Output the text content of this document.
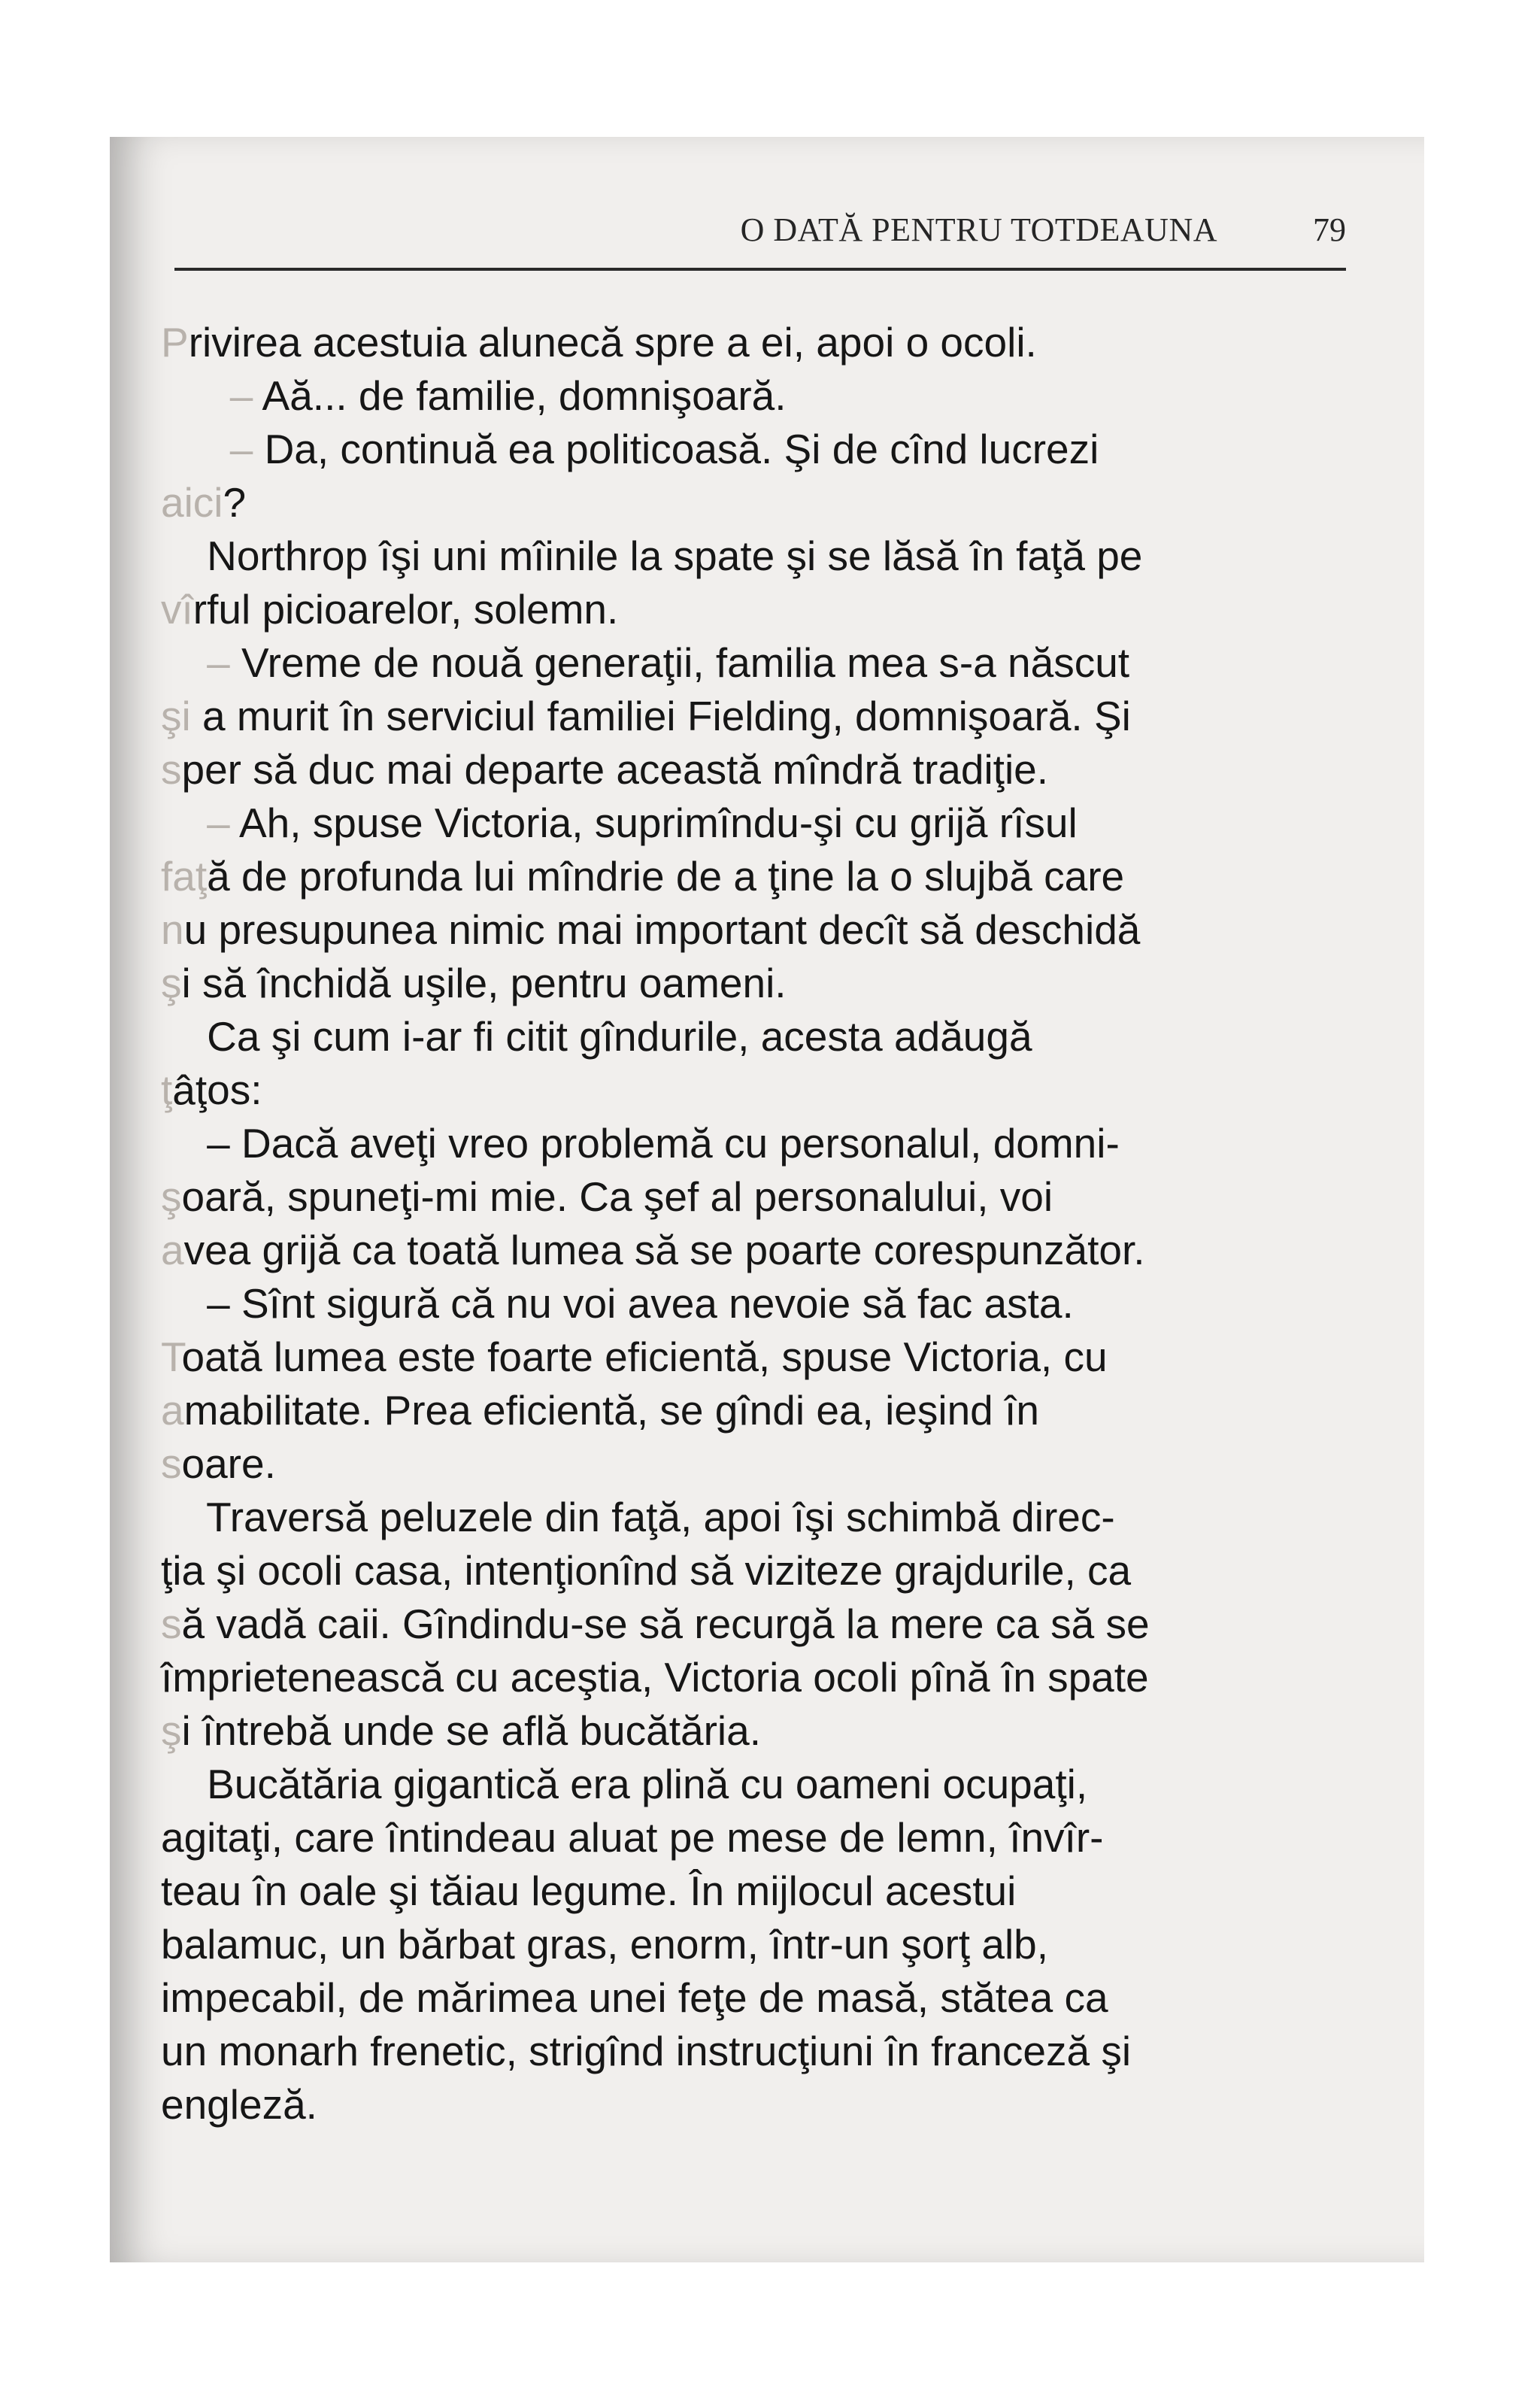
O DATĂ PENTRU TOTDEAUNA	79
Privirea acestuia alunecă spre a ei, apoi o ocoli.
– Aă... de familie, domnişoară.
– Da, continuă ea politicoasă. Şi de cînd lucrezi
aici?
Northrop îşi uni mîinile la spate şi se lăsă în faţă pe
vîrful picioarelor, solemn.
– Vreme de nouă generaţii, familia mea s-a născut
şi a murit în serviciul familiei Fielding, domnişoară. Şi
sper să duc mai departe această mîndră tradiţie.
– Ah, spuse Victoria, suprimîndu-şi cu grijă rîsul
faţă de profunda lui mîndrie de a ţine la o slujbă care
nu presupunea nimic mai important decît să deschidă
şi să închidă uşile, pentru oameni.
Ca şi cum i-ar fi citit gîndurile, acesta adăugă
ţâţos:
– Dacă aveţi vreo problemă cu personalul, domni-
şoară, spuneţi-mi mie. Ca şef al personalului, voi
avea grijă ca toată lumea să se poarte corespunzător.
– Sînt sigură că nu voi avea nevoie să fac asta.
Toată lumea este foarte eficientă, spuse Victoria, cu
amabilitate. Prea eficientă, se gîndi ea, ieşind în
soare.
Traversă peluzele din faţă, apoi îşi schimbă direc-
ţia şi ocoli casa, intenţionînd să viziteze grajdurile, ca
să vadă caii. Gîndindu-se să recurgă la mere ca să se
împrietenească cu aceştia, Victoria ocoli pînă în spate
şi întrebă unde se află bucătăria.
Bucătăria gigantică era plină cu oameni ocupaţi,
agitaţi, care întindeau aluat pe mese de lemn, învîr-
teau în oale şi tăiau legume. În mijlocul acestui
balamuc, un bărbat gras, enorm, într-un şorţ alb,
impecabil, de mărimea unei feţe de masă, stătea ca
un monarh frenetic, strigînd instrucţiuni în franceză şi
engleză.
